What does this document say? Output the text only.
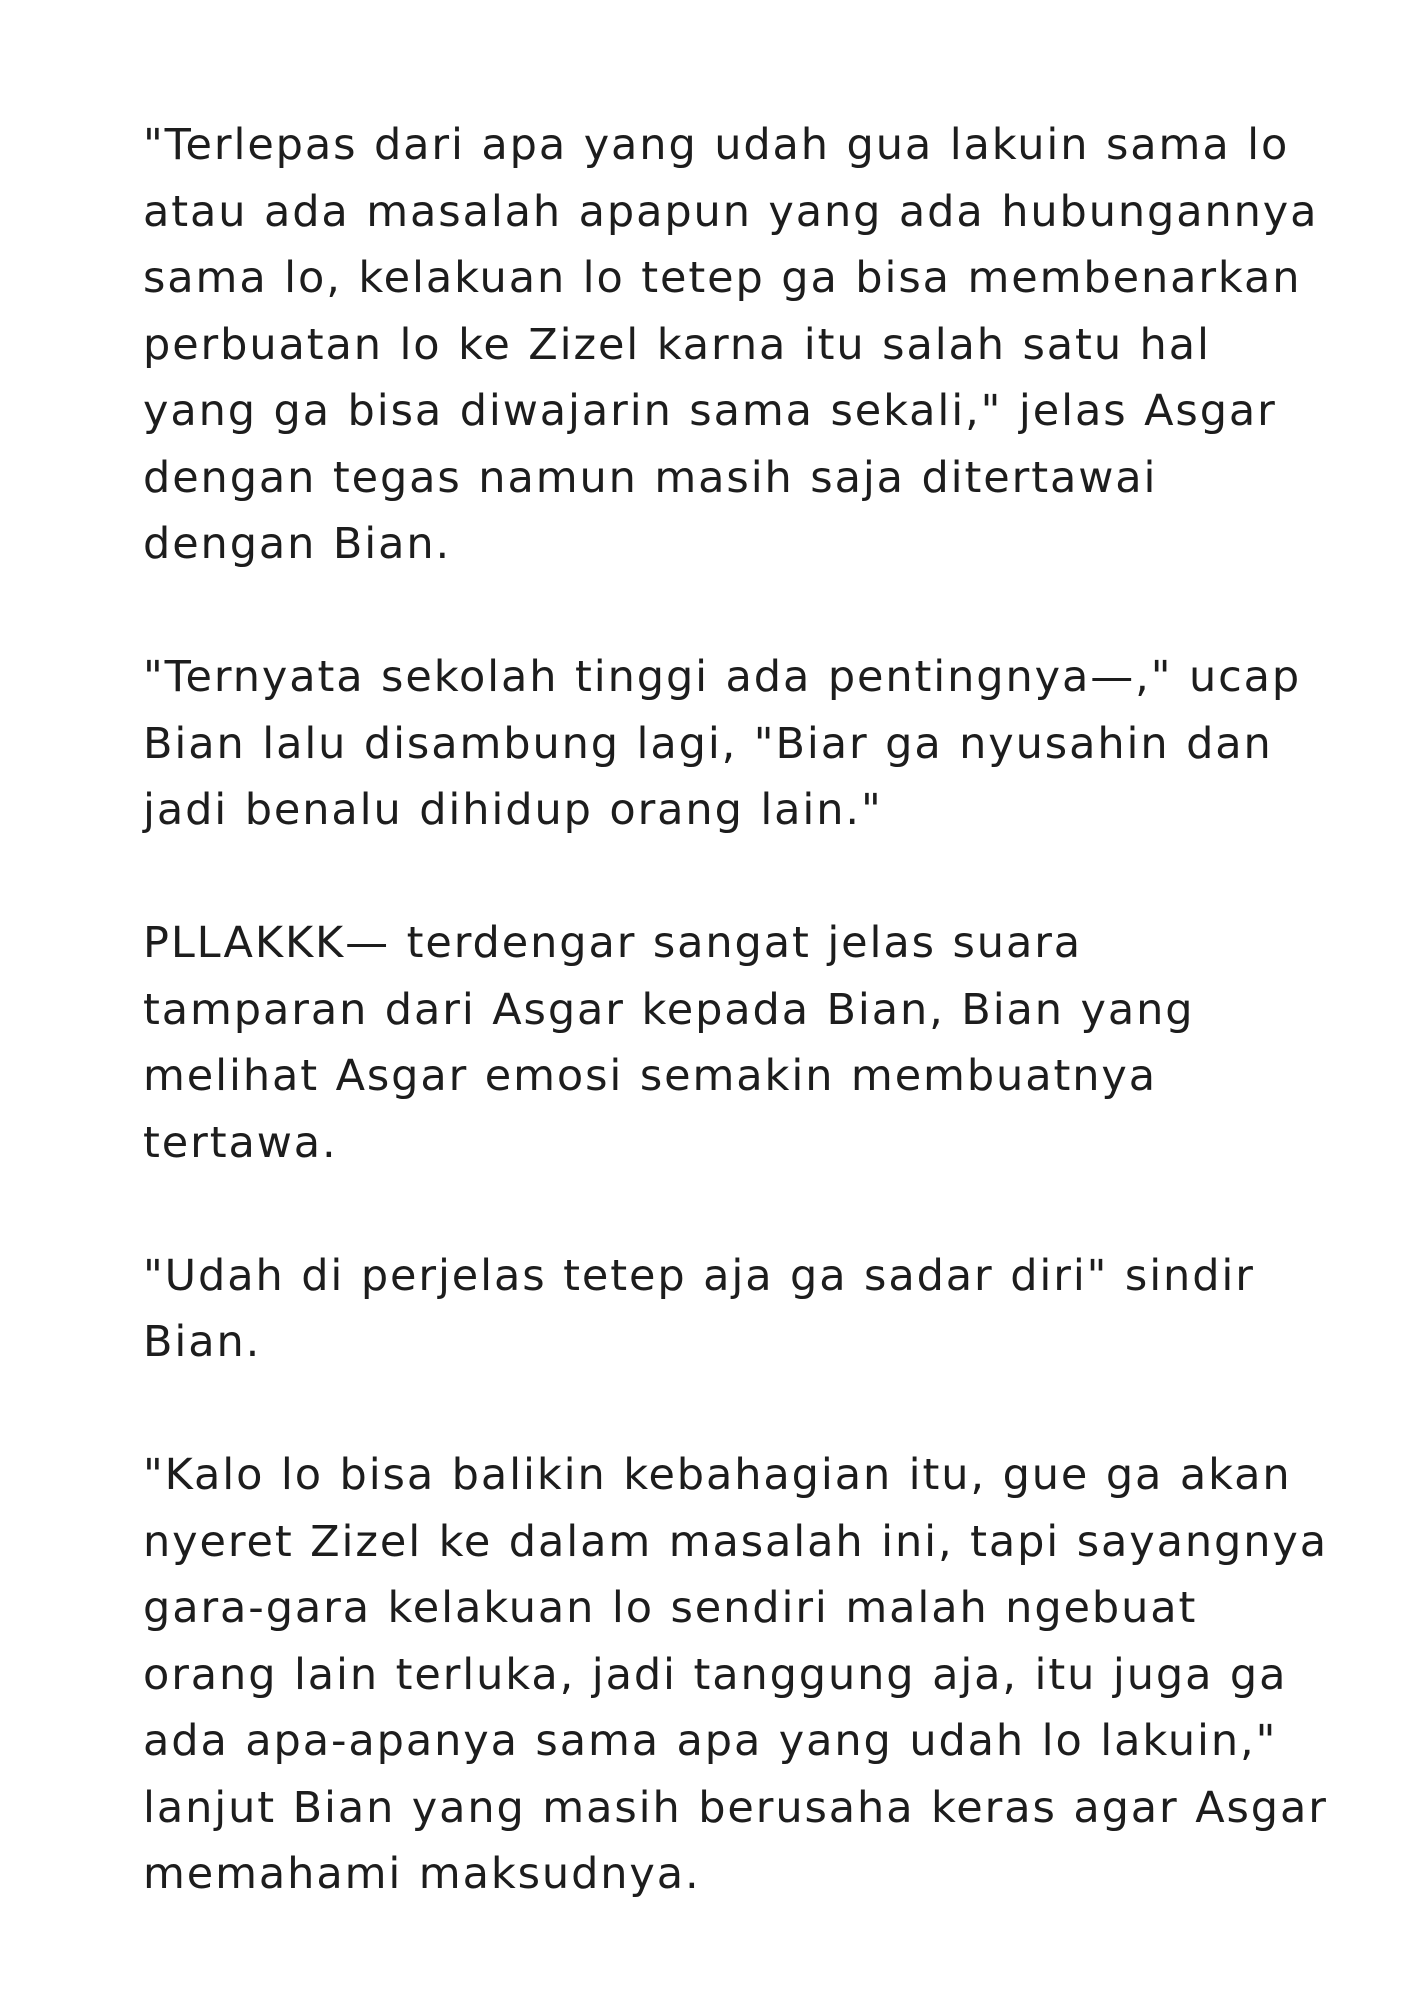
"Terlepas dari apa yang udah gua lakuin sama lo
atau ada masalah apapun yang ada hubungannya
sama lo, kelakuan lo tetep ga bisa membenarkan
perbuatan lo ke Zizel karna itu salah satu hal
yang ga bisa diwajarin sama sekali," jelas Asgar
dengan tegas namun masih saja ditertawai
dengan Bian.

"Ternyata sekolah tinggi ada pentingnya—," ucap
Bian lalu disambung lagi, "Biar ga nyusahin dan
jadi benalu dihidup orang lain."

PLLAKKK— terdengar sangat jelas suara
tamparan dari Asgar kepada Bian, Bian yang
melihat Asgar emosi semakin membuatnya
tertawa.

"Udah di perjelas tetep aja ga sadar diri" sindir
Bian.

"Kalo lo bisa balikin kebahagian itu, gue ga akan
nyeret Zizel ke dalam masalah ini, tapi sayangnya
gara-gara kelakuan lo sendiri malah ngebuat
orang lain terluka, jadi tanggung aja, itu juga ga
ada apa-apanya sama apa yang udah lo lakuin,"
lanjut Bian yang masih berusaha keras agar Asgar
memahami maksudnya.
